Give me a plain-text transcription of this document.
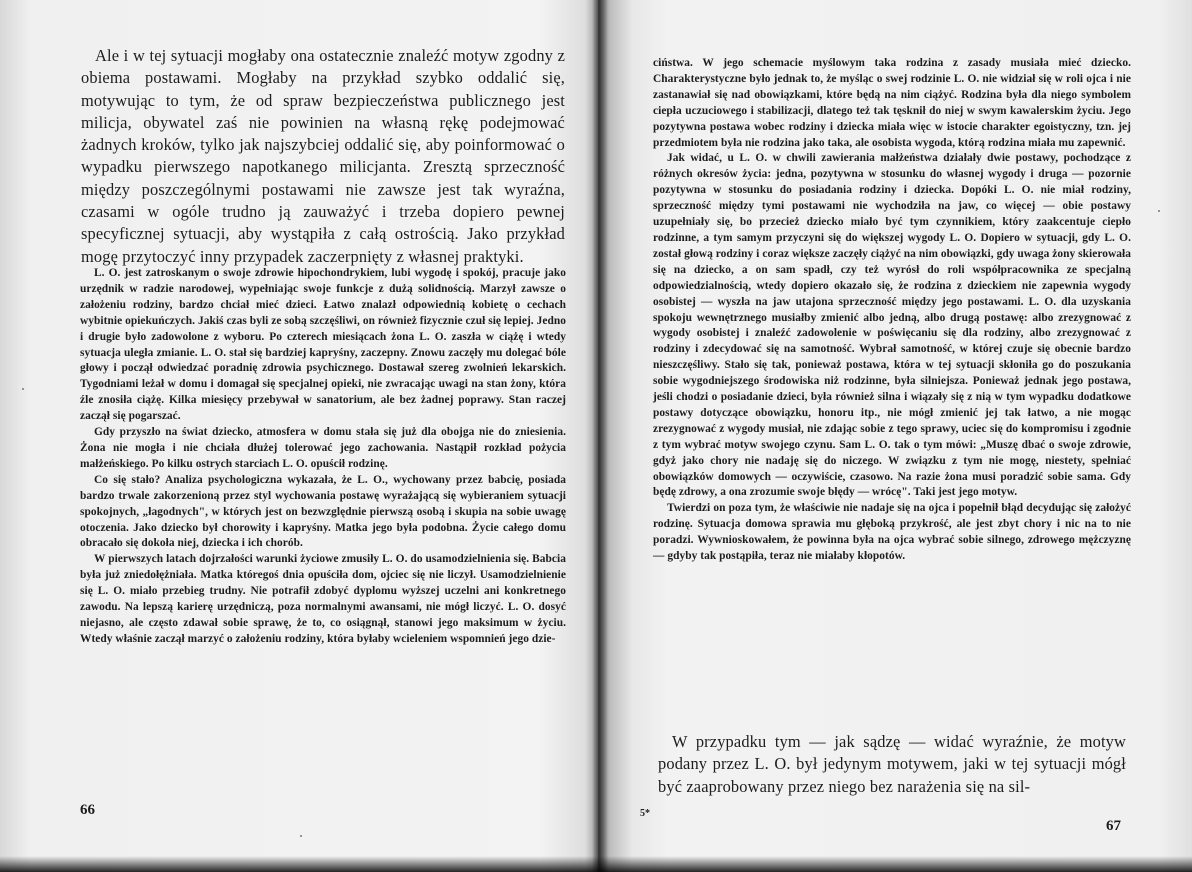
Ale i w tej sytuacji mogłaby ona ostatecznie znaleźć motyw zgodny z obiema postawami. Mogłaby na przykład szybko oddalić się, motywując to tym, że od spraw bezpieczeństwa publicznego jest milicja, obywatel zaś nie powinien na własną rękę podejmować żadnych kroków, tylko jak najszybciej oddalić się, aby poinformować o wypadku pierwszego napotkanego milicjanta. Zresztą sprzeczność między poszczególnymi postawami nie zawsze jest tak wyraźna, czasami w ogóle trudno ją zauważyć i trzeba dopiero pewnej specyficznej sytuacji, aby wystąpiła z całą ostrością. Jako przykład mogę przytoczyć inny przypadek zaczerpnięty z własnej praktyki.

L. O. jest zatroskanym o swoje zdrowie hipochondrykiem, lubi wygodę i spokój, pracuje jako urzędnik w radzie narodowej, wypełniając swoje funkcje z dużą solidnością. Marzył zawsze o założeniu rodziny, bardzo chciał mieć dzieci. Łatwo znalazł odpowiednią kobietę o cechach wybitnie opiekuńczych. Jakiś czas byli ze sobą szczęśliwi, on również fizycznie czuł się lepiej. Jedno i drugie było zadowolone z wyboru. Po czterech miesiącach żona L. O. zaszła w ciążę i wtedy sytuacja uległa zmianie. L. O. stał się bardziej kapryśny, zaczepny. Znowu zaczęły mu dolegać bóle głowy i począł odwiedzać poradnię zdrowia psychicznego. Dostawał szereg zwolnień lekarskich. Tygodniami leżał w domu i domagał się specjalnej opieki, nie zwracając uwagi na stan żony, która źle znosiła ciążę. Kilka miesięcy przebywał w sanatorium, ale bez żadnej poprawy. Stan raczej zaczął się pogarszać.

Gdy przyszło na świat dziecko, atmosfera w domu stała się już dla obojga nie do zniesienia. Żona nie mogła i nie chciała dłużej tolerować jego zachowania. Nastąpił rozkład pożycia małżeńskiego. Po kilku ostrych starciach L. O. opuścił rodzinę.

Co się stało? Analiza psychologiczna wykazała, że L. O., wychowany przez babcię, posiada bardzo trwale zakorzenioną przez styl wychowania postawę wyrażającą się wybieraniem sytuacji spokojnych, „łagodnych", w których jest on bezwzględnie pierwszą osobą i skupia na sobie uwagę otoczenia. Jako dziecko był chorowity i kapryśny. Matka jego była podobna. Życie całego domu obracało się dokoła niej, dziecka i ich chorób.

W pierwszych latach dojrzałości warunki życiowe zmusiły L. O. do usamodzielnienia się. Babcia była już zniedołężniała. Matka któregoś dnia opuściła dom, ojciec się nie liczył. Usamodzielnienie się L. O. miało przebieg trudny. Nie potrafił zdobyć dyplomu wyższej uczelni ani konkretnego zawodu. Na lepszą karierę urzędniczą, poza normalnymi awansami, nie mógł liczyć. L. O. dosyć niejasno, ale często zdawał sobie sprawę, że to, co osiągnął, stanowi jego maksimum w życiu. Wtedy właśnie zaczął marzyć o założeniu rodziny, która byłaby wcieleniem wspomnień jego dzie-

66

ciństwa. W jego schemacie myślowym taka rodzina z zasady musiała mieć dziecko. Charakterystyczne było jednak to, że myśląc o swej rodzinie L. O. nie widział się w roli ojca i nie zastanawiał się nad obowiązkami, które będą na nim ciążyć. Rodzina była dla niego symbolem ciepła uczuciowego i stabilizacji, dlatego też tak tęsknił do niej w swym kawalerskim życiu. Jego pozytywna postawa wobec rodziny i dziecka miała więc w istocie charakter egoistyczny, tzn. jej przedmiotem była nie rodzina jako taka, ale osobista wygoda, którą rodzina miała mu zapewnić.

Jak widać, u L. O. w chwili zawierania małżeństwa działały dwie postawy, pochodzące z różnych okresów życia: jedna, pozytywna w stosunku do własnej wygody i druga — pozornie pozytywna w stosunku do posiadania rodziny i dziecka. Dopóki L. O. nie miał rodziny, sprzeczność między tymi postawami nie wychodziła na jaw, co więcej — obie postawy uzupełniały się, bo przecież dziecko miało być tym czynnikiem, który zaakcentuje ciepło rodzinne, a tym samym przyczyni się do większej wygody L. O. Dopiero w sytuacji, gdy L. O. został głową rodziny i coraz większe zaczęły ciążyć na nim obowiązki, gdy uwaga żony skierowała się na dziecko, a on sam spadł, czy też wyrósł do roli współpracownika ze specjalną odpowiedzialnością, wtedy dopiero okazało się, że rodzina z dzieckiem nie zapewnia wygody osobistej — wyszła na jaw utajona sprzeczność między jego postawami. L. O. dla uzyskania spokoju wewnętrznego musiałby zmienić albo jedną, albo drugą postawę: albo zrezygnować z wygody osobistej i znaleźć zadowolenie w poświęcaniu się dla rodziny, albo zrezygnować z rodziny i zdecydować się na samotność. Wybrał samotność, w której czuje się obecnie bardzo nieszczęśliwy. Stało się tak, ponieważ postawa, która w tej sytuacji skłoniła go do poszukania sobie wygodniejszego środowiska niż rodzinne, była silniejsza. Ponieważ jednak jego postawa, jeśli chodzi o posiadanie dzieci, była również silna i wiązały się z nią w tym wypadku dodatkowe postawy dotyczące obowiązku, honoru itp., nie mógł zmienić jej tak łatwo, a nie mogąc zrezygnować z wygody musiał, nie zdając sobie z tego sprawy, uciec się do kompromisu i zgodnie z tym wybrać motyw swojego czynu. Sam L. O. tak o tym mówi: „Muszę dbać o swoje zdrowie, gdyż jako chory nie nadaję się do niczego. W związku z tym nie mogę, niestety, spełniać obowiązków domowych — oczywiście, czasowo. Na razie żona musi poradzić sobie sama. Gdy będę zdrowy, a ona zrozumie swoje błędy — wrócę". Taki jest jego motyw.

Twierdzi on poza tym, że właściwie nie nadaje się na ojca i popełnił błąd decydując się założyć rodzinę. Sytuacja domowa sprawia mu głęboką przykrość, ale jest zbyt chory i nic na to nie poradzi. Wywnioskowałem, że powinna była na ojca wybrać sobie silnego, zdrowego mężczyznę — gdyby tak postąpiła, teraz nie miałaby kłopotów.

W przypadku tym — jak sądzę — widać wyraźnie, że motyw podany przez L. O. był jedynym motywem, jaki w tej sytuacji mógł być zaaprobowany przez niego bez narażenia się na sil-

5*
67
